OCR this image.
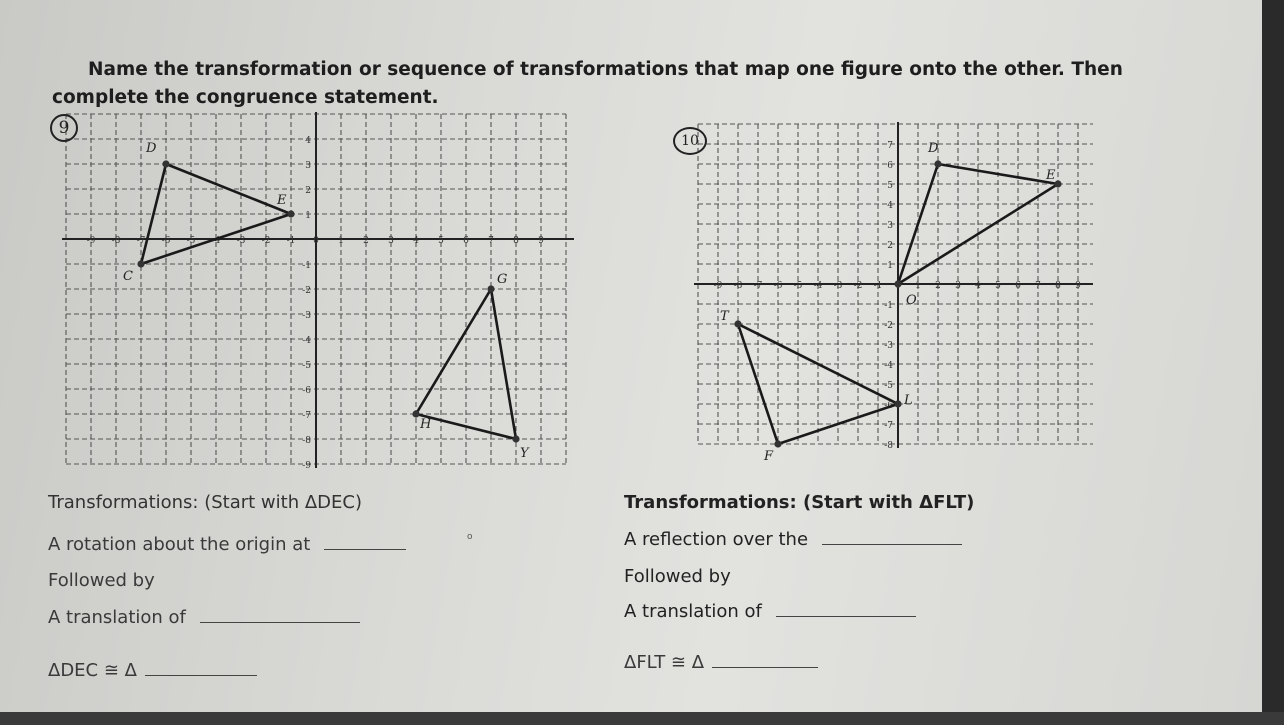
Name the transformation or sequence of transformations that map one figure onto the other. Then
complete the congruence statement.
-9 -8 -7 -6 -5 -4 -3 -2 -1 0 1 2 3 4 5 6 7 8 9
4
3
2
1
-1
-2
-3
-4
-5
-6
-7
-8
-9
D
E
C	G
H
Y
-9 -8 -7 -6 -5 -4 -3 -2 -1	1 2 3 4 5 6 7 8 9
7
6
5
4
3
2
1
-1
-2
-3
-4
-5
-6
-7
-8
D
E
O
T
L
F
9
10
Transformations: (Start with ΔDEC)
A rotation about the origin at	o
Followed by
A translation of
ΔDEC ≅ Δ
Transformations: (Start with ΔFLT)
A reflection over the
Followed by
A translation of
ΔFLT ≅ Δ
